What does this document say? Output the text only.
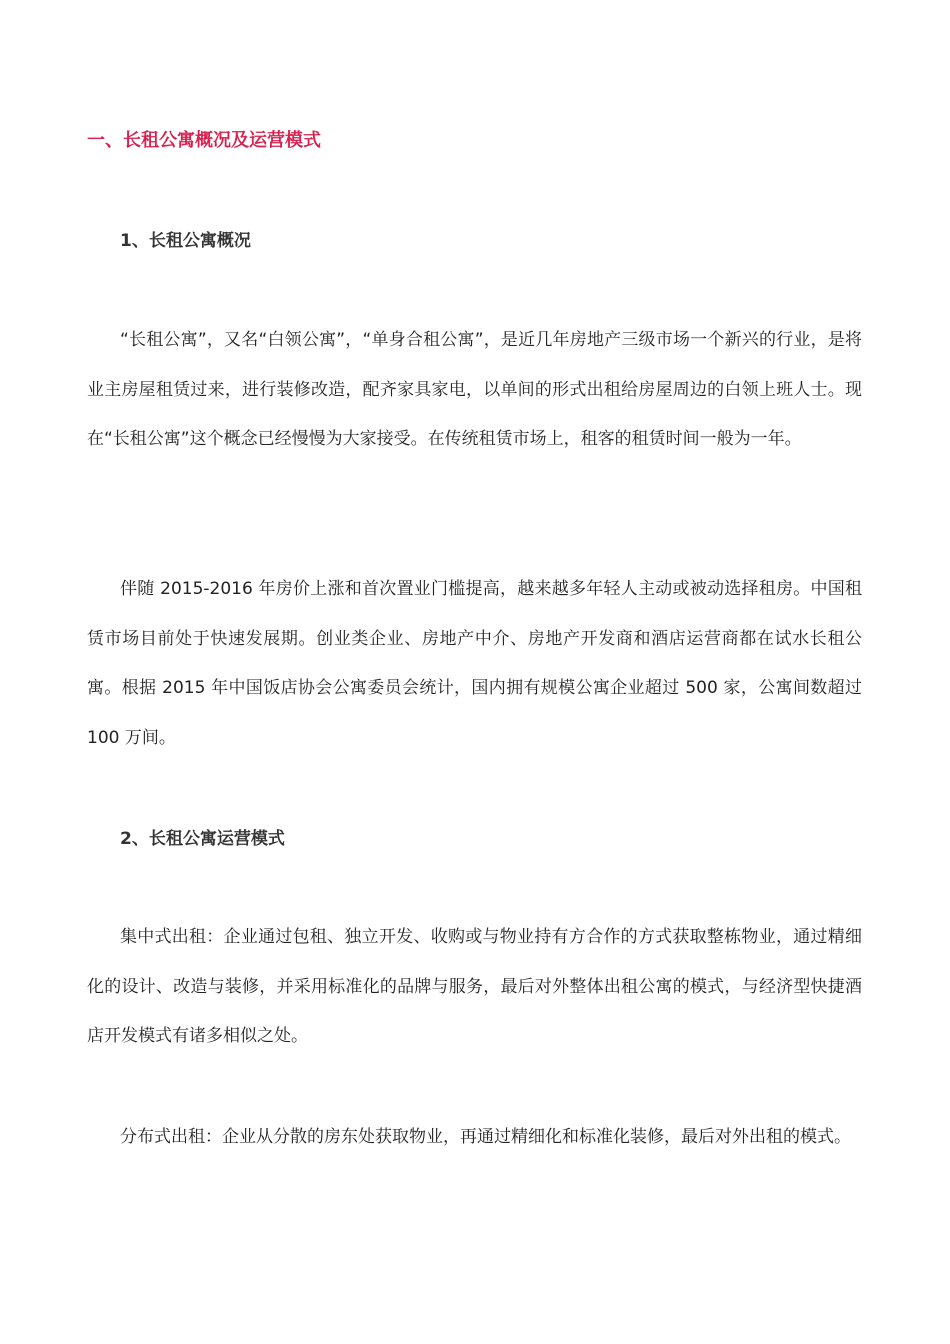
一、长租公寓概况及运营模式
1、长租公寓概况

“长租公寓”，又名“白领公寓”，“单身合租公寓”，是近几年房地产三级市场一个新兴的行业，是将业主房屋租赁过来，进行装修改造，配齐家具家电，以单间的形式出租给房屋周边的白领上班人士。现在“长租公寓”这个概念已经慢慢为大家接受。在传统租赁市场上，租客的租赁时间一般为一年。

伴随 2015-2016 年房价上涨和首次置业门槛提高，越来越多年轻人主动或被动选择租房。中国租赁市场目前处于快速发展期。创业类企业、房地产中介、房地产开发商和酒店运营商都在试水长租公寓。根据 2015 年中国饭店协会公寓委员会统计，国内拥有规模公寓企业超过 500 家，公寓间数超过 100 万间。

2、长租公寓运营模式

集中式出租：企业通过包租、独立开发、收购或与物业持有方合作的方式获取整栋物业，通过精细化的设计、改造与装修，并采用标准化的品牌与服务，最后对外整体出租公寓的模式，与经济型快捷酒店开发模式有诸多相似之处。

分布式出租：企业从分散的房东处获取物业，再通过精细化和标准化装修，最后对外出租的模式。
